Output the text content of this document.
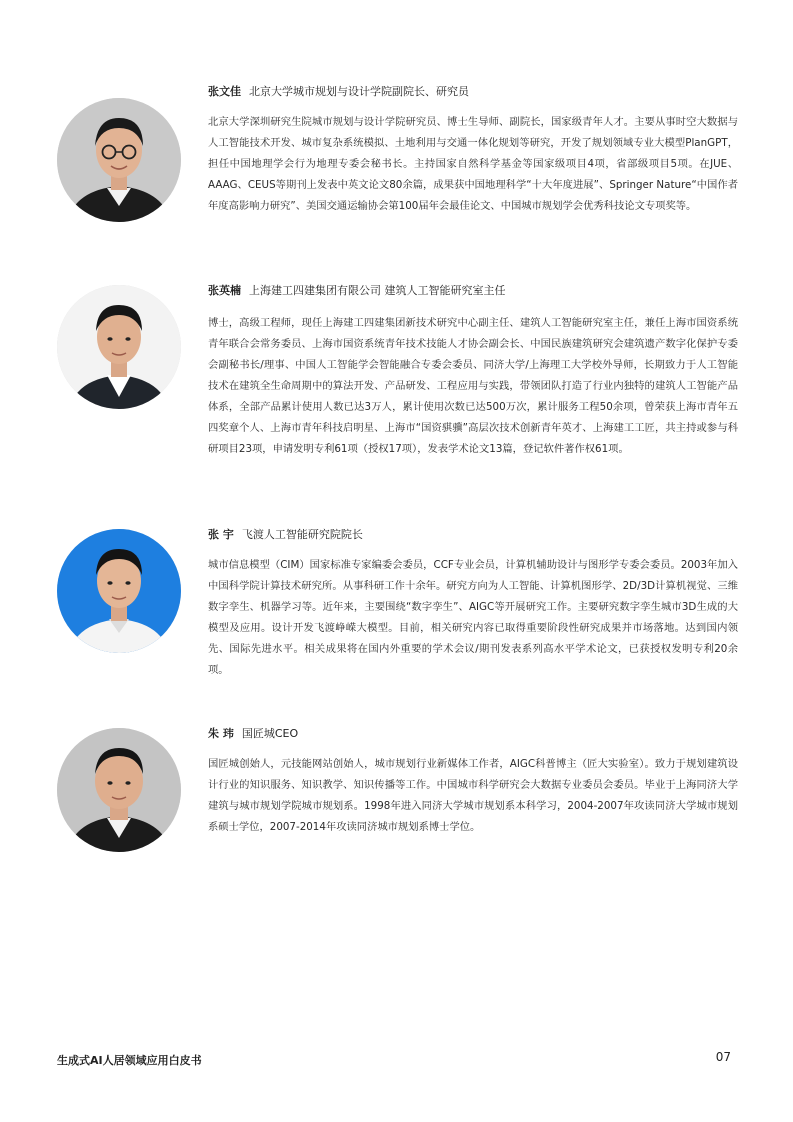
张文佳 北京大学城市规划与设计学院副院长、研究员

北京大学深圳研究生院城市规划与设计学院研究员、博士生导师、副院长，国家级青年人才。主要从事时空大数据与人工智能技术开发、城市复杂系统模拟、土地利用与交通一体化规划等研究，开发了规划领域专业大模型PlanGPT，担任中国地理学会行为地理专委会秘书长。主持国家自然科学基金等国家级项目4项，省部级项目5项。在JUE、AAAG、CEUS等期刊上发表中英文论文80余篇，成果获中国地理科学“十大年度进展”、Springer Nature“中国作者年度高影响力研究”、美国交通运输协会第100届年会最佳论文、中国城市规划学会优秀科技论文专项奖等。

张英楠 上海建工四建集团有限公司 建筑人工智能研究室主任

博士，高级工程师，现任上海建工四建集团新技术研究中心副主任、建筑人工智能研究室主任，兼任上海市国资系统青年联合会常务委员、上海市国资系统青年技术技能人才协会副会长、中国民族建筑研究会建筑遗产数字化保护专委会副秘书长/理事、中国人工智能学会智能融合专委会委员、同济大学/上海理工大学校外导师，长期致力于人工智能技术在建筑全生命周期中的算法开发、产品研发、工程应用与实践，带领团队打造了行业内独特的建筑人工智能产品体系，全部产品累计使用人数已达3万人，累计使用次数已达500万次，累计服务工程50余项，曾荣获上海市青年五四奖章个人、上海市青年科技启明星、上海市“国资骐骥”高层次技术创新青年英才、上海建工工匠，共主持或参与科研项目23项，申请发明专利61项（授权17项），发表学术论文13篇，登记软件著作权61项。

张 宇 飞渡人工智能研究院院长

城市信息模型（CIM）国家标准专家编委会委员，CCF专业会员，计算机辅助设计与图形学专委会委员。2003年加入中国科学院计算技术研究所。从事科研工作十余年。研究方向为人工智能、计算机图形学、2D/3D计算机视觉、三维数字孪生、机器学习等。近年来，主要围绕“数字孪生”、AIGC等开展研究工作。主要研究数字孪生城市3D生成的大模型及应用。设计开发飞渡峥嵘大模型。目前，相关研究内容已取得重要阶段性研究成果并市场落地。达到国内领先、国际先进水平。相关成果将在国内外重要的学术会议/期刊发表系列高水平学术论文，已获授权发明专利20余项。

朱 玮 国匠城CEO

国匠城创始人，元技能网站创始人，城市规划行业新媒体工作者，AIGC科普博主（匠大实验室）。致力于规划建筑设计行业的知识服务、知识教学、知识传播等工作。中国城市科学研究会大数据专业委员会委员。毕业于上海同济大学建筑与城市规划学院城市规划系。1998年进入同济大学城市规划系本科学习，2004-2007年攻读同济大学城市规划系硕士学位，2007-2014年攻读同济城市规划系博士学位。

生成式AI人居领域应用白皮书	07
